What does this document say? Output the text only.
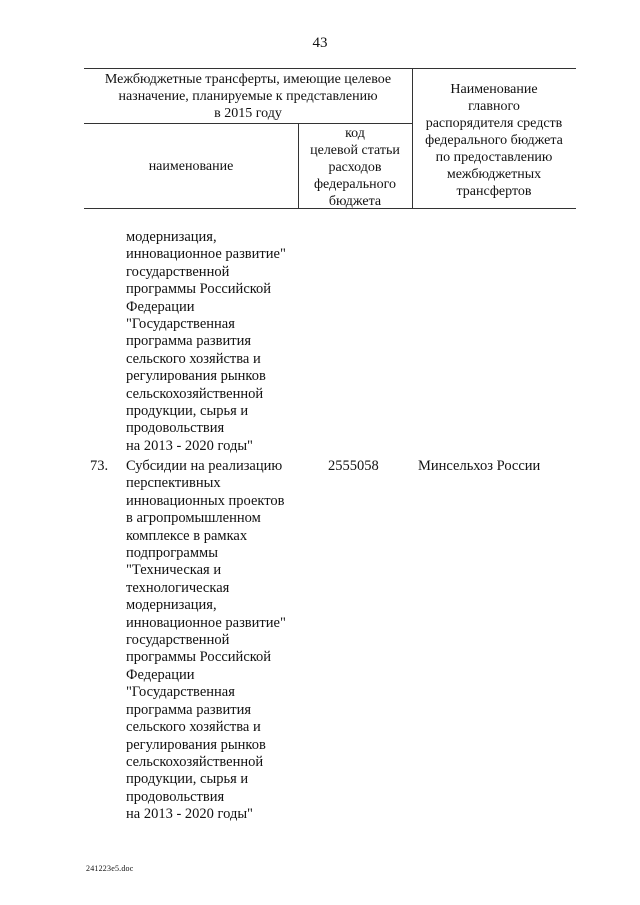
43
Межбюджетные трансферты, имеющие целевое
назначение, планируемые к представлению
в 2015 году
наименование
код
целевой статьи
расходов
федерального
бюджета
Наименование
главного
распорядителя средств
федерального бюджета
по предоставлению
межбюджетных
трансфертов
модернизация,
инновационное развитие"
государственной
программы Российской
Федерации
"Государственная
программа развития
сельского хозяйства и
регулирования рынков
сельскохозяйственной
продукции, сырья и
продовольствия
на 2013 - 2020 годы"
73. Субсидии на реализацию
перспективных
инновационных проектов
в агропромышленном
комплексе в рамках
подпрограммы
"Техническая и
технологическая
модернизация,
инновационное развитие"
государственной
программы Российской
Федерации
"Государственная
программа развития
сельского хозяйства и
регулирования рынков
сельскохозяйственной
продукции, сырья и
продовольствия
на 2013 - 2020 годы"
2555058	Минсельхоз России
241223e5.doc
